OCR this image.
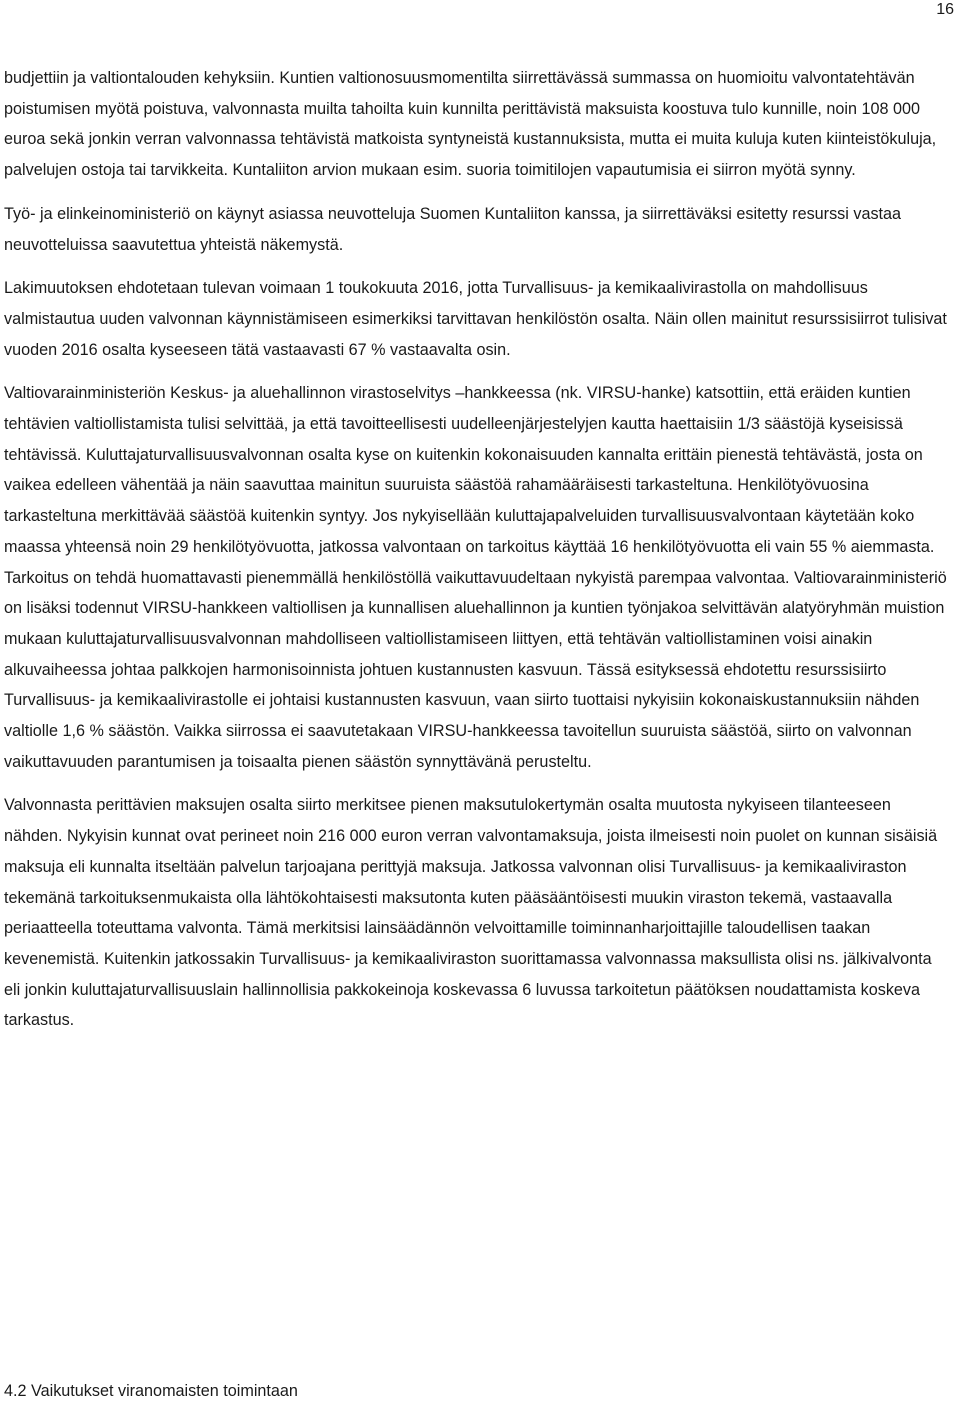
16

budjettiin ja valtiontalouden kehyksiin. Kuntien valtionosuusmomentilta siirrettävässä summassa on huomioitu valvontatehtävän poistumisen myötä poistuva, valvonnasta muilta tahoilta kuin kunnilta perittävistä maksuista koostuva tulo kunnille, noin 108 000 euroa sekä jonkin verran valvonnassa tehtävistä matkoista syntyneistä kustannuksista, mutta ei muita kuluja kuten kiinteistökuluja, palvelujen ostoja tai tarvikkeita. Kuntaliiton arvion mukaan esim. suoria toimitilojen vapautumisia ei siirron myötä synny.

Työ- ja elinkeinoministeriö on käynyt asiassa neuvotteluja Suomen Kuntaliiton kanssa, ja siirrettäväksi esitetty resurssi vastaa neuvotteluissa saavutettua yhteistä näkemystä.

Lakimuutoksen ehdotetaan tulevan voimaan 1 toukokuuta 2016, jotta Turvallisuus- ja kemikaalivirastolla on mahdollisuus valmistautua uuden valvonnan käynnistämiseen esimerkiksi tarvittavan henkilöstön osalta. Näin ollen mainitut resurssisiirrot tulisivat vuoden 2016 osalta kyseeseen tätä vastaavasti 67 % vastaavalta osin.

Valtiovarainministeriön Keskus- ja aluehallinnon virastoselvitys –hankkeessa (nk. VIRSU-hanke) katsottiin, että eräiden kuntien tehtävien valtiollistamista tulisi selvittää, ja että tavoitteellisesti uudelleenjärjestelyjen kautta haettaisiin 1/3 säästöjä kyseisissä tehtävissä. Kuluttajaturvallisuusvalvonnan osalta kyse on kuitenkin kokonaisuuden kannalta erittäin pienestä tehtävästä, josta on vaikea edelleen vähentää ja näin saavuttaa mainitun suuruista säästöä rahamääräisesti tarkasteltuna. Henkilötyövuosina tarkasteltuna merkittävää säästöä kuitenkin syntyy. Jos nykyisellään kuluttajapalveluiden turvallisuusvalvontaan käytetään koko maassa yhteensä noin 29 henkilötyövuotta, jatkossa valvontaan on tarkoitus käyttää 16 henkilötyövuotta eli vain 55 % aiemmasta. Tarkoitus on tehdä huomattavasti pienemmällä henkilöstöllä vaikuttavuudeltaan nykyistä parempaa valvontaa. Valtiovarainministeriö on lisäksi todennut VIRSU-hankkeen valtiollisen ja kunnallisen aluehallinnon ja kuntien työnjakoa selvittävän alatyöryhmän muistion mukaan kuluttajaturvallisuusvalvonnan mahdolliseen valtiollistamiseen liittyen, että tehtävän valtiollistaminen voisi ainakin alkuvaiheessa johtaa palkkojen harmonisoinnista johtuen kustannusten kasvuun. Tässä esityksessä ehdotettu resurssisiirto Turvallisuus- ja kemikaalivirastolle ei johtaisi kustannusten kasvuun, vaan siirto tuottaisi nykyisiin kokonaiskustannuksiin nähden valtiolle 1,6 % säästön. Vaikka siirrossa ei saavutetakaan VIRSU-hankkeessa tavoitellun suuruista säästöä, siirto on valvonnan vaikuttavuuden parantumisen ja toisaalta pienen säästön synnyttävänä perusteltu.

Valvonnasta perittävien maksujen osalta siirto merkitsee pienen maksutulokertymän osalta muutosta nykyiseen tilanteeseen nähden. Nykyisin kunnat ovat perineet noin 216 000 euron verran valvontamaksuja, joista ilmeisesti noin puolet on kunnan sisäisiä maksuja eli kunnalta itseltään palvelun tarjoajana perittyjä maksuja. Jatkossa valvonnan olisi Turvallisuus- ja kemikaaliviraston tekemänä tarkoituksenmukaista olla lähtökohtaisesti maksutonta kuten pääsääntöisesti muukin viraston tekemä, vastaavalla periaatteella toteuttama valvonta. Tämä merkitsisi lainsäädännön velvoittamille toiminnanharjoittajille taloudellisen taakan kevenemistä. Kuitenkin jatkossakin Turvallisuus- ja kemikaaliviraston suorittamassa valvonnassa maksullista olisi ns. jälkivalvonta eli jonkin kuluttajaturvallisuuslain hallinnollisia pakkokeinoja koskevassa 6 luvussa tarkoitetun päätöksen noudattamista koskeva tarkastus.

4.2 Vaikutukset viranomaisten toimintaan
